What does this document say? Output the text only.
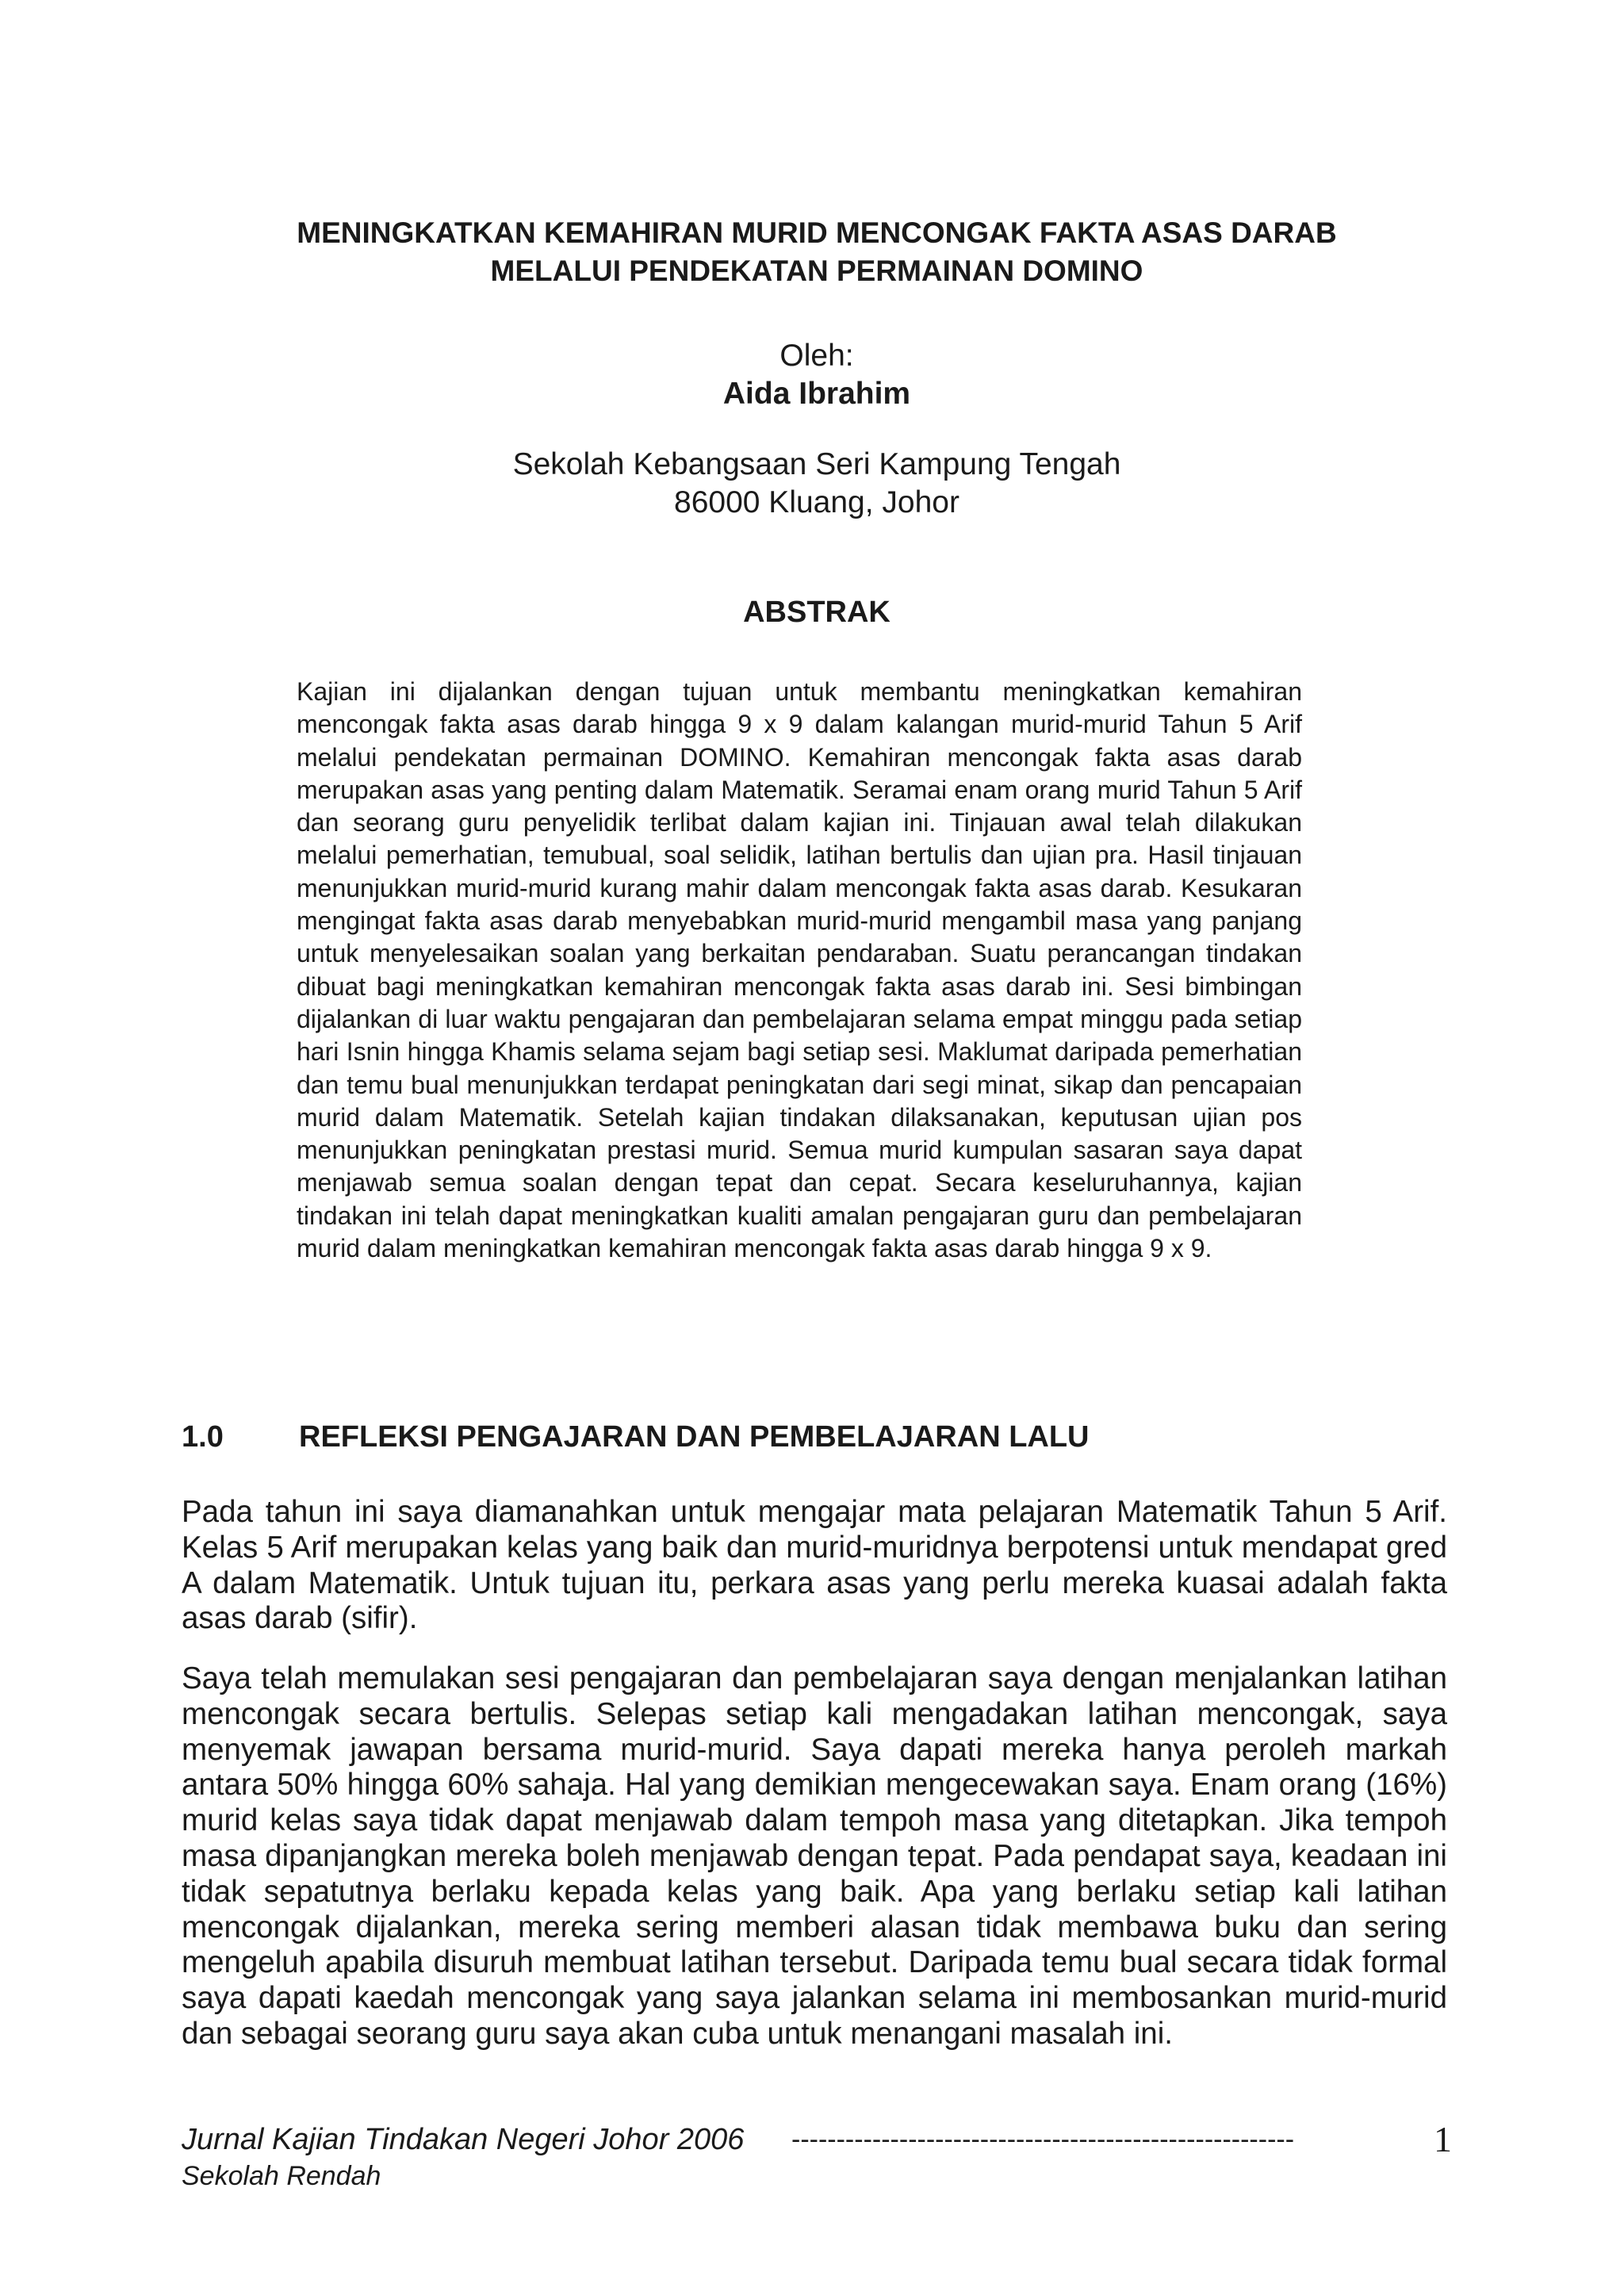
MENINGKATKAN KEMAHIRAN MURID MENCONGAK FAKTA ASAS DARAB
MELALUI PENDEKATAN PERMAINAN DOMINO
Oleh:
Aida Ibrahim
Sekolah Kebangsaan Seri Kampung Tengah
86000 Kluang, Johor
ABSTRAK

Kajian ini dijalankan dengan tujuan untuk membantu meningkatkan kemahiran mencongak fakta asas darab hingga 9 x 9 dalam kalangan murid-murid Tahun 5 Arif melalui pendekatan permainan DOMINO. Kemahiran mencongak fakta asas darab merupakan asas yang penting dalam Matematik. Seramai enam orang murid Tahun 5 Arif dan seorang guru penyelidik terlibat dalam kajian ini. Tinjauan awal telah dilakukan melalui pemerhatian, temubual, soal selidik, latihan bertulis dan ujian pra. Hasil tinjauan menunjukkan murid-murid kurang mahir dalam mencongak fakta asas darab. Kesukaran mengingat fakta asas darab menyebabkan murid-murid mengambil masa yang panjang untuk menyelesaikan soalan yang berkaitan pendaraban. Suatu perancangan tindakan dibuat bagi meningkatkan kemahiran mencongak fakta asas darab ini. Sesi bimbingan dijalankan di luar waktu pengajaran dan pembelajaran selama empat minggu pada setiap hari Isnin hingga Khamis selama sejam bagi setiap sesi. Maklumat daripada pemerhatian dan temu bual menunjukkan terdapat peningkatan dari segi minat, sikap dan pencapaian murid dalam Matematik. Setelah kajian tindakan dilaksanakan, keputusan ujian pos menunjukkan peningkatan prestasi murid. Semua murid kumpulan sasaran saya dapat menjawab semua soalan dengan tepat dan cepat. Secara keseluruhannya, kajian tindakan ini telah dapat meningkatkan kualiti amalan pengajaran guru dan pembelajaran murid dalam meningkatkan kemahiran mencongak fakta asas darab hingga 9 x 9.

1.0	REFLEKSI PENGAJARAN DAN PEMBELAJARAN LALU

Pada tahun ini saya diamanahkan untuk mengajar mata pelajaran Matematik Tahun 5 Arif. Kelas 5 Arif merupakan kelas yang baik dan murid-muridnya berpotensi untuk mendapat gred A dalam Matematik. Untuk tujuan itu, perkara asas yang perlu mereka kuasai adalah fakta asas darab (sifir).

Saya telah memulakan sesi pengajaran dan pembelajaran saya dengan menjalankan latihan mencongak secara bertulis. Selepas setiap kali mengadakan latihan mencongak, saya menyemak jawapan bersama murid-murid. Saya dapati mereka hanya peroleh markah antara 50% hingga 60% sahaja. Hal yang demikian mengecewakan saya. Enam orang (16%) murid kelas saya tidak dapat menjawab dalam tempoh masa yang ditetapkan. Jika tempoh masa dipanjangkan mereka boleh menjawab dengan tepat. Pada pendapat saya, keadaan ini tidak sepatutnya berlaku kepada kelas yang baik. Apa yang berlaku setiap kali latihan mencongak dijalankan, mereka sering memberi alasan tidak membawa buku dan sering mengeluh apabila disuruh membuat latihan tersebut. Daripada temu bual secara tidak formal saya dapati kaedah mencongak yang saya jalankan selama ini membosankan murid-murid dan sebagai seorang guru saya akan cuba untuk menangani masalah ini.

Jurnal Kajian Tindakan Negeri Johor 2006 --------------------------------------------------------
Sekolah Rendah
1
